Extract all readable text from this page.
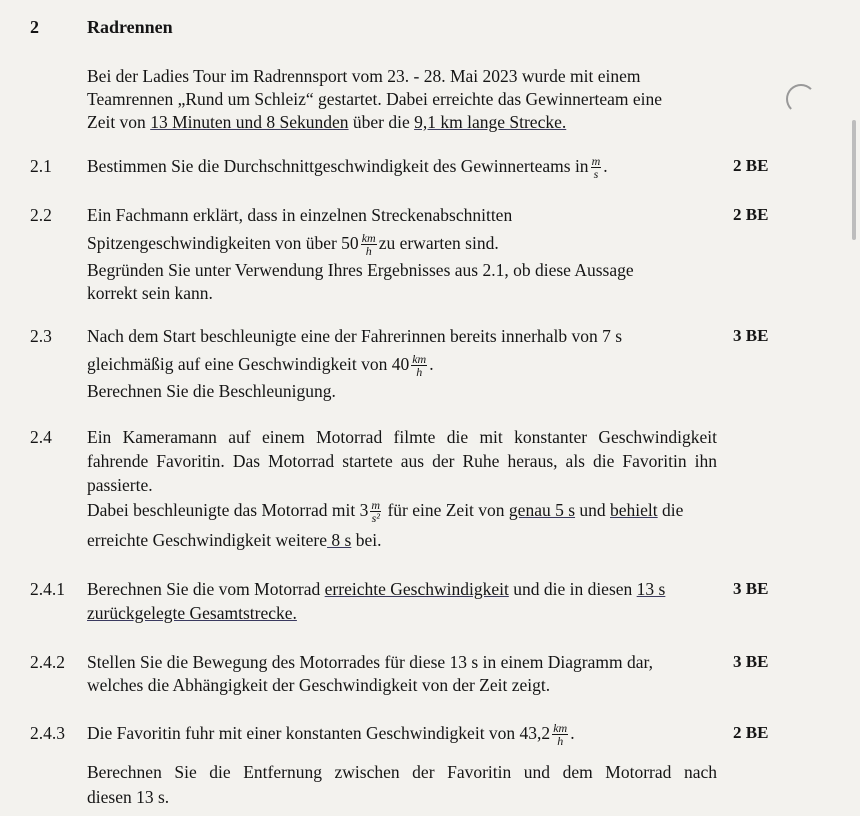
2	Radrennen
Bei der Ladies Tour im Radrennsport vom 23. - 28. Mai 2023 wurde mit einem
Teamrennen „Rund um Schleiz“ gestartet. Dabei erreichte das Gewinnerteam eine
Zeit von 13 Minuten und 8 Sekunden über die 9,1 km lange Strecke.
2.1 Bestimmen Sie die Durchschnittgeschwindigkeit des Gewinnerteams in $\frac{m}{s}$ .	2 BE
2.2 Ein Fachmann erklärt, dass in einzelnen Streckenabschnitten	2 BE
Spitzengeschwindigkeiten von über $50 \frac{km}{h}$ zu erwarten sind.
Begründen Sie unter Verwendung Ihres Ergebnisses aus 2.1, ob diese Aussage
korrekt sein kann.
2.3 Nach dem Start beschleunigte eine der Fahrerinnen bereits innerhalb von 7 s	3 BE
gleichmäßig auf eine Geschwindigkeit von $40 \frac{km}{h}$ .
Berechnen Sie die Beschleunigung.
2.4 Ein Kameramann auf einem Motorrad filmte die mit konstanter Geschwindigkeit
fahrende Favoritin. Das Motorrad startete aus der Ruhe heraus, als die Favoritin ihn
passierte.
Dabei beschleunigte das Motorrad mit $3 \frac{m}{\text{s²}}$ für eine Zeit von genau 5 s und behielt die
erreichte Geschwindigkeit weitere 8 s bei.
2.4.1 Berechnen Sie die vom Motorrad erreichte Geschwindigkeit und die in diesen 13 s	3 BE
zurückgelegte Gesamtstrecke.
2.4.2 Stellen Sie die Bewegung des Motorrades für diese 13 s in einem Diagramm dar,	3 BE
welches die Abhängigkeit der Geschwindigkeit von der Zeit zeigt.
2.4.3 Die Favoritin fuhr mit einer konstanten Geschwindigkeit von $43,2 \frac{km}{h}$ .	2 BE
Berechnen Sie die Entfernung zwischen der Favoritin und dem Motorrad nach
diesen 13 s.
